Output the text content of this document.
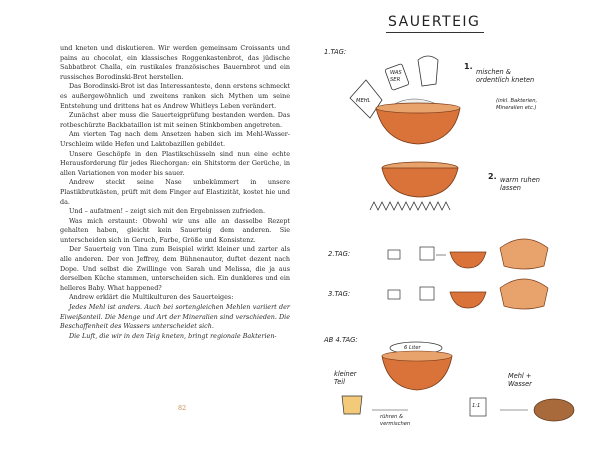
und kneten und diskutieren. Wir werden gemeinsam Croissants und pains au chocolat, ein klassisches Roggenkastenbrot, das jüdische Sabbatbrot Challa, ein rustikales französisches Bauernbrot und ein russisches Borodinski-Brot herstellen.

Das Borodinski-Brot ist das Interessanteste, denn erstens schmeckt es außergewöhnlich und zweitens ranken sich Mythen um seine Entstehung und drittens hat es Andrew Whitleys Leben verändert.

Zunächst aber muss die Sauerteigprüfung bestanden werden. Das rotbeschürzte Backbataillon ist mit seinen Stinkbomben angetreten.

Am vierten Tag nach dem Ansetzen haben sich im Mehl-Wasser-Urschleim wilde Hefen und Laktobazillen gebildet.

Unsere Geschöpfe in den Plastikschüsseln sind nun eine echte Herausforderung für jedes Riechorgan: ein Shitstorm der Gerüche, in allen Variationen von moder bis sauer.

Andrew steckt seine Nase unbekümmert in unsere Plastikbrutkästen, prüft mit dem Finger auf Elastizität, kostet hie und da.

Und – aufatmen! – zeigt sich mit den Ergebnissen zufrieden.

Was mich erstaunt: Obwohl wir uns alle an dasselbe Rezept gehalten haben, gleicht kein Sauerteig dem anderen. Sie unterscheiden sich in Geruch, Farbe, Größe und Konsistenz.

Der Sauerteig von Tina zum Beispiel wirkt kleiner und zarter als alle anderen. Der von Jeffrey, dem Bühnenautor, duftet dezent nach Dope. Und selbst die Zwillinge von Sarah und Melissa, die ja aus derselben Küche stammen, unterscheiden sich. Ein dunkleres und ein helleres Baby. What happened?

Andrew erklärt die Multikulturen des Sauerteiges:

Jedes Mehl ist anders. Auch bei sortengleichen Mehlen variiert der Eiweißanteil. Die Menge und Art der Mineralien sind verschieden. Die Beschaffenheit des Wassers unterscheidet sich.

Die Luft, die wir in den Teig kneten, bringt regionale Bakterien-

82
SAUERTEIG
1.TAG:
1.
mischen & ordentlich kneten
(inkl. Bakterien, Mineralien etc.)
MEHL
WAS SER
2. warm ruhen lassen
2.TAG:
3.TAG:
AB 4.TAG:
6 Liter
kleiner Teil
Mehl + Wasser
rühren & vermischen
1:1
